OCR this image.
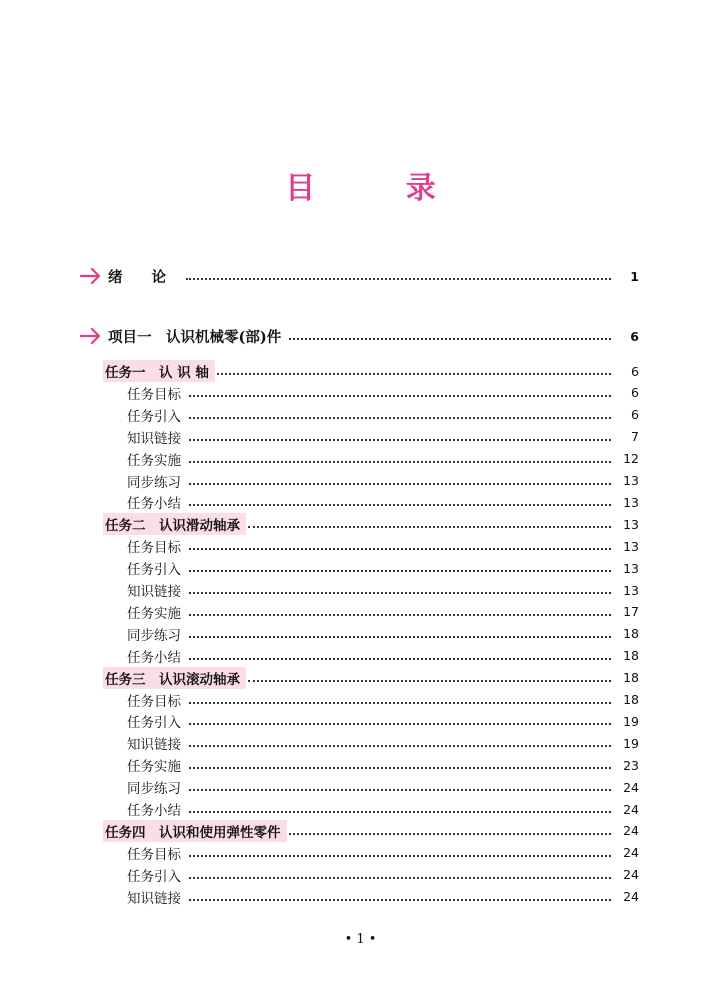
目 录
绪 论	1
项目一　认识机械零(部)件	6
任务一　认 识 轴	6
任务目标	6
任务引入	6
知识链接	7
任务实施	12
同步练习	13
任务小结	13
任务二　认识滑动轴承	13
任务目标	13
任务引入	13
知识链接	13
任务实施	17
同步练习	18
任务小结	18
任务三　认识滚动轴承	18
任务目标	18
任务引入	19
知识链接	19
任务实施	23
同步练习	24
任务小结	24
任务四　认识和使用弹性零件	24
任务目标	24
任务引入	24
知识链接	24
• 1 •
